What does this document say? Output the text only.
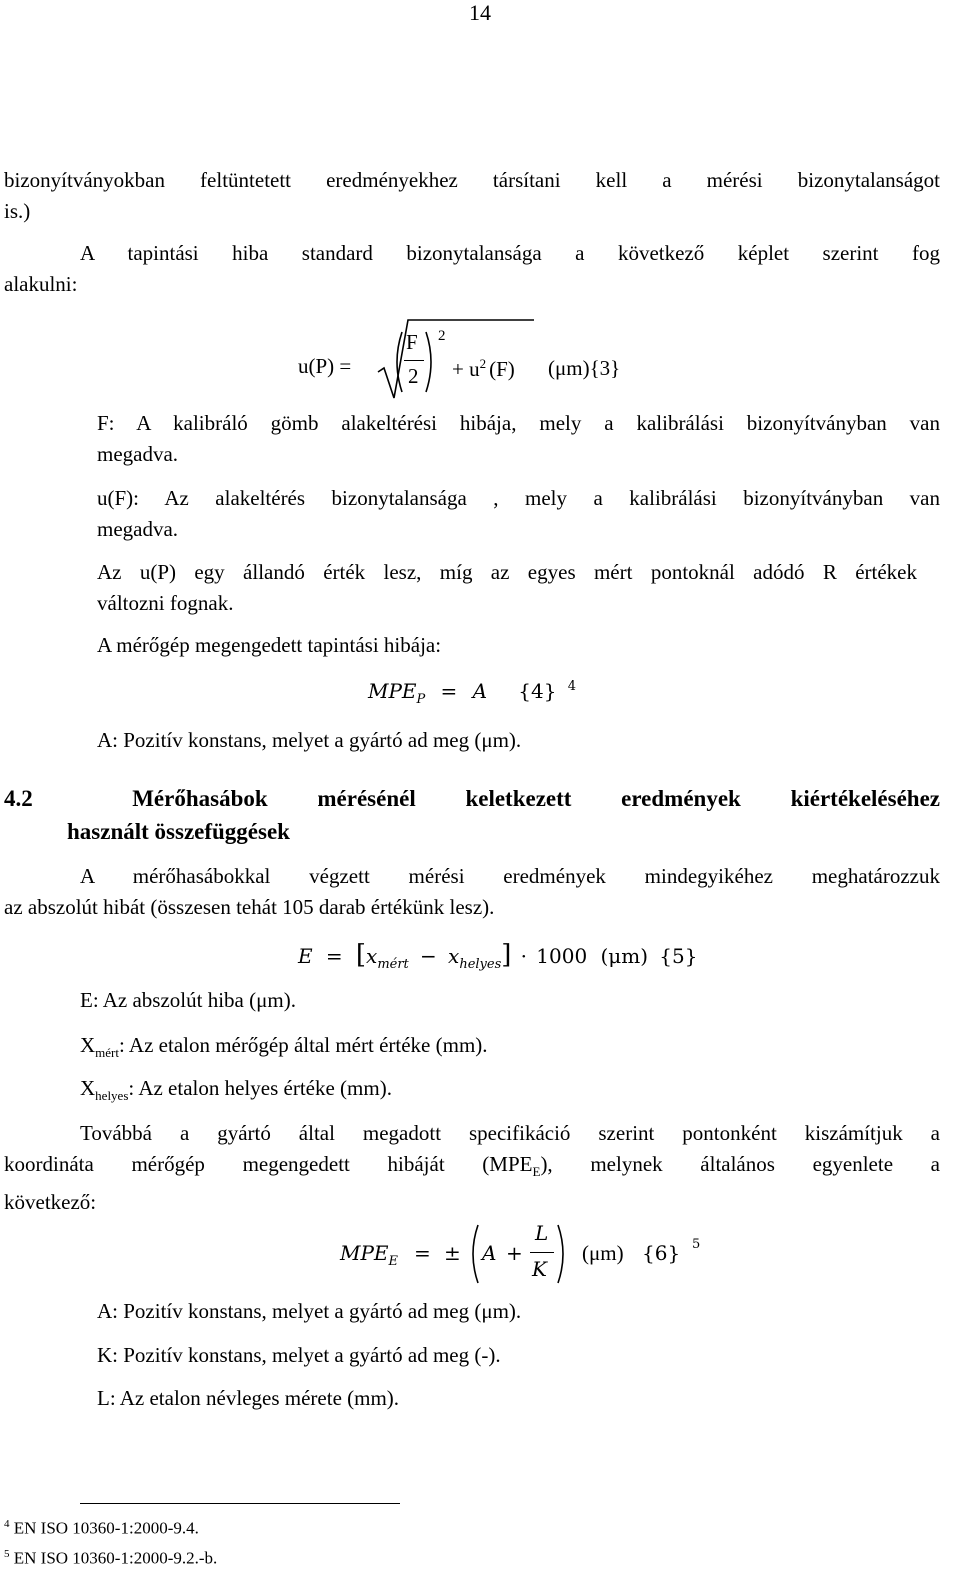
14
bizonyítványokban feltüntetett eredményekhez társítani kell a mérési bizonytalanságot
is.)
A tapintási hiba standard bizonytalansága a következő képlet szerint fog
alakulni:
u(P) =
F
2
2
+ $u^2$ (F) (μm){3}
F: A kalibráló gömb alakeltérési hibája, mely a kalibrálási bizonyítványban van
megadva.
u(F): Az alakeltérés bizonytalansága , mely a kalibrálási bizonyítványban van
megadva.
Az u(P) egy állandó érték lesz, míg az egyes mért pontoknál adódó R értékek
változni fognak.
A mérőgép megengedett tapintási hibája:
$MPE_P = A$ {4} $^4$
A: Pozitív konstans, melyet a gyártó ad meg (μm).
4.2	Mérőhasábok mérésénél keletkezett eredmények kiértékeléséhez
használt összefüggések
A mérőhasábokkal végzett mérési eredmények mindegyikéhez meghatározzuk
az abszolút hibát (összesen tehát 105 darab értékünk lesz).
$E = [x_{mért} - x_{helyes}] \cdot 1000$ (μm) {5}
E: Az abszolút hiba (μm).
$X_{mért}$: Az etalon mérőgép által mért értéke (mm).
$X_{helyes}$: Az etalon helyes értéke (mm).
Továbbá a gyártó által megadott specifikáció szerint pontonként kiszámítjuk a
koordináta mérőgép megengedett hibáját $(MPE_E)$, melynek általános egyenlete a
következő:
$MPE_E$ = ± A +
L
K
(μm) {6} 5
A: Pozitív konstans, melyet a gyártó ad meg (μm).
K: Pozitív konstans, melyet a gyártó ad meg (-).
L: Az etalon névleges mérete (mm).
$^4$ EN ISO 10360-1:2000-9.4.
$^5$ EN ISO 10360-1:2000-9.2.-b.
